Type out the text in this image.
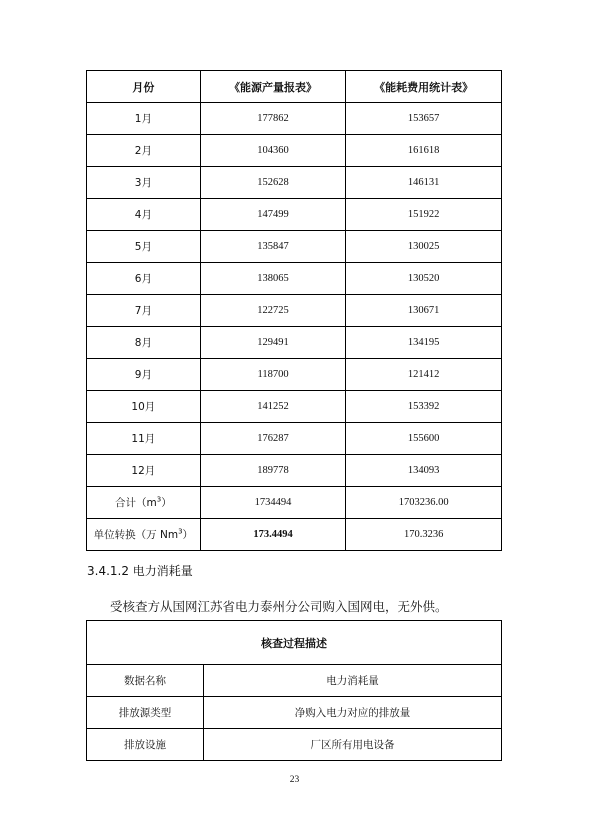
月份	《能源产量报表》	《能耗费用统计表》
1月	177862	153657
2月	104360	161618
3月	152628	146131
4月	147499	151922
5月	135847	130025
6月	138065	130520
7月	122725	130671
8月	129491	134195
9月	118700	121412
10月	141252	153392
11月	176287	155600
12月	189778	134093
合计$(m^3)$	1734494	1703236.00
单位转换（万 Nm$^3$）	173.4494	170.3236
3.4.1.2 电力消耗量
受核查方从国网江苏省电力泰州分公司购入国网电，无外供。
核查过程描述	
数据名称	电力消耗量
排放源类型	净购入电力对应的排放量
排放设施	厂区所有用电设备
23
